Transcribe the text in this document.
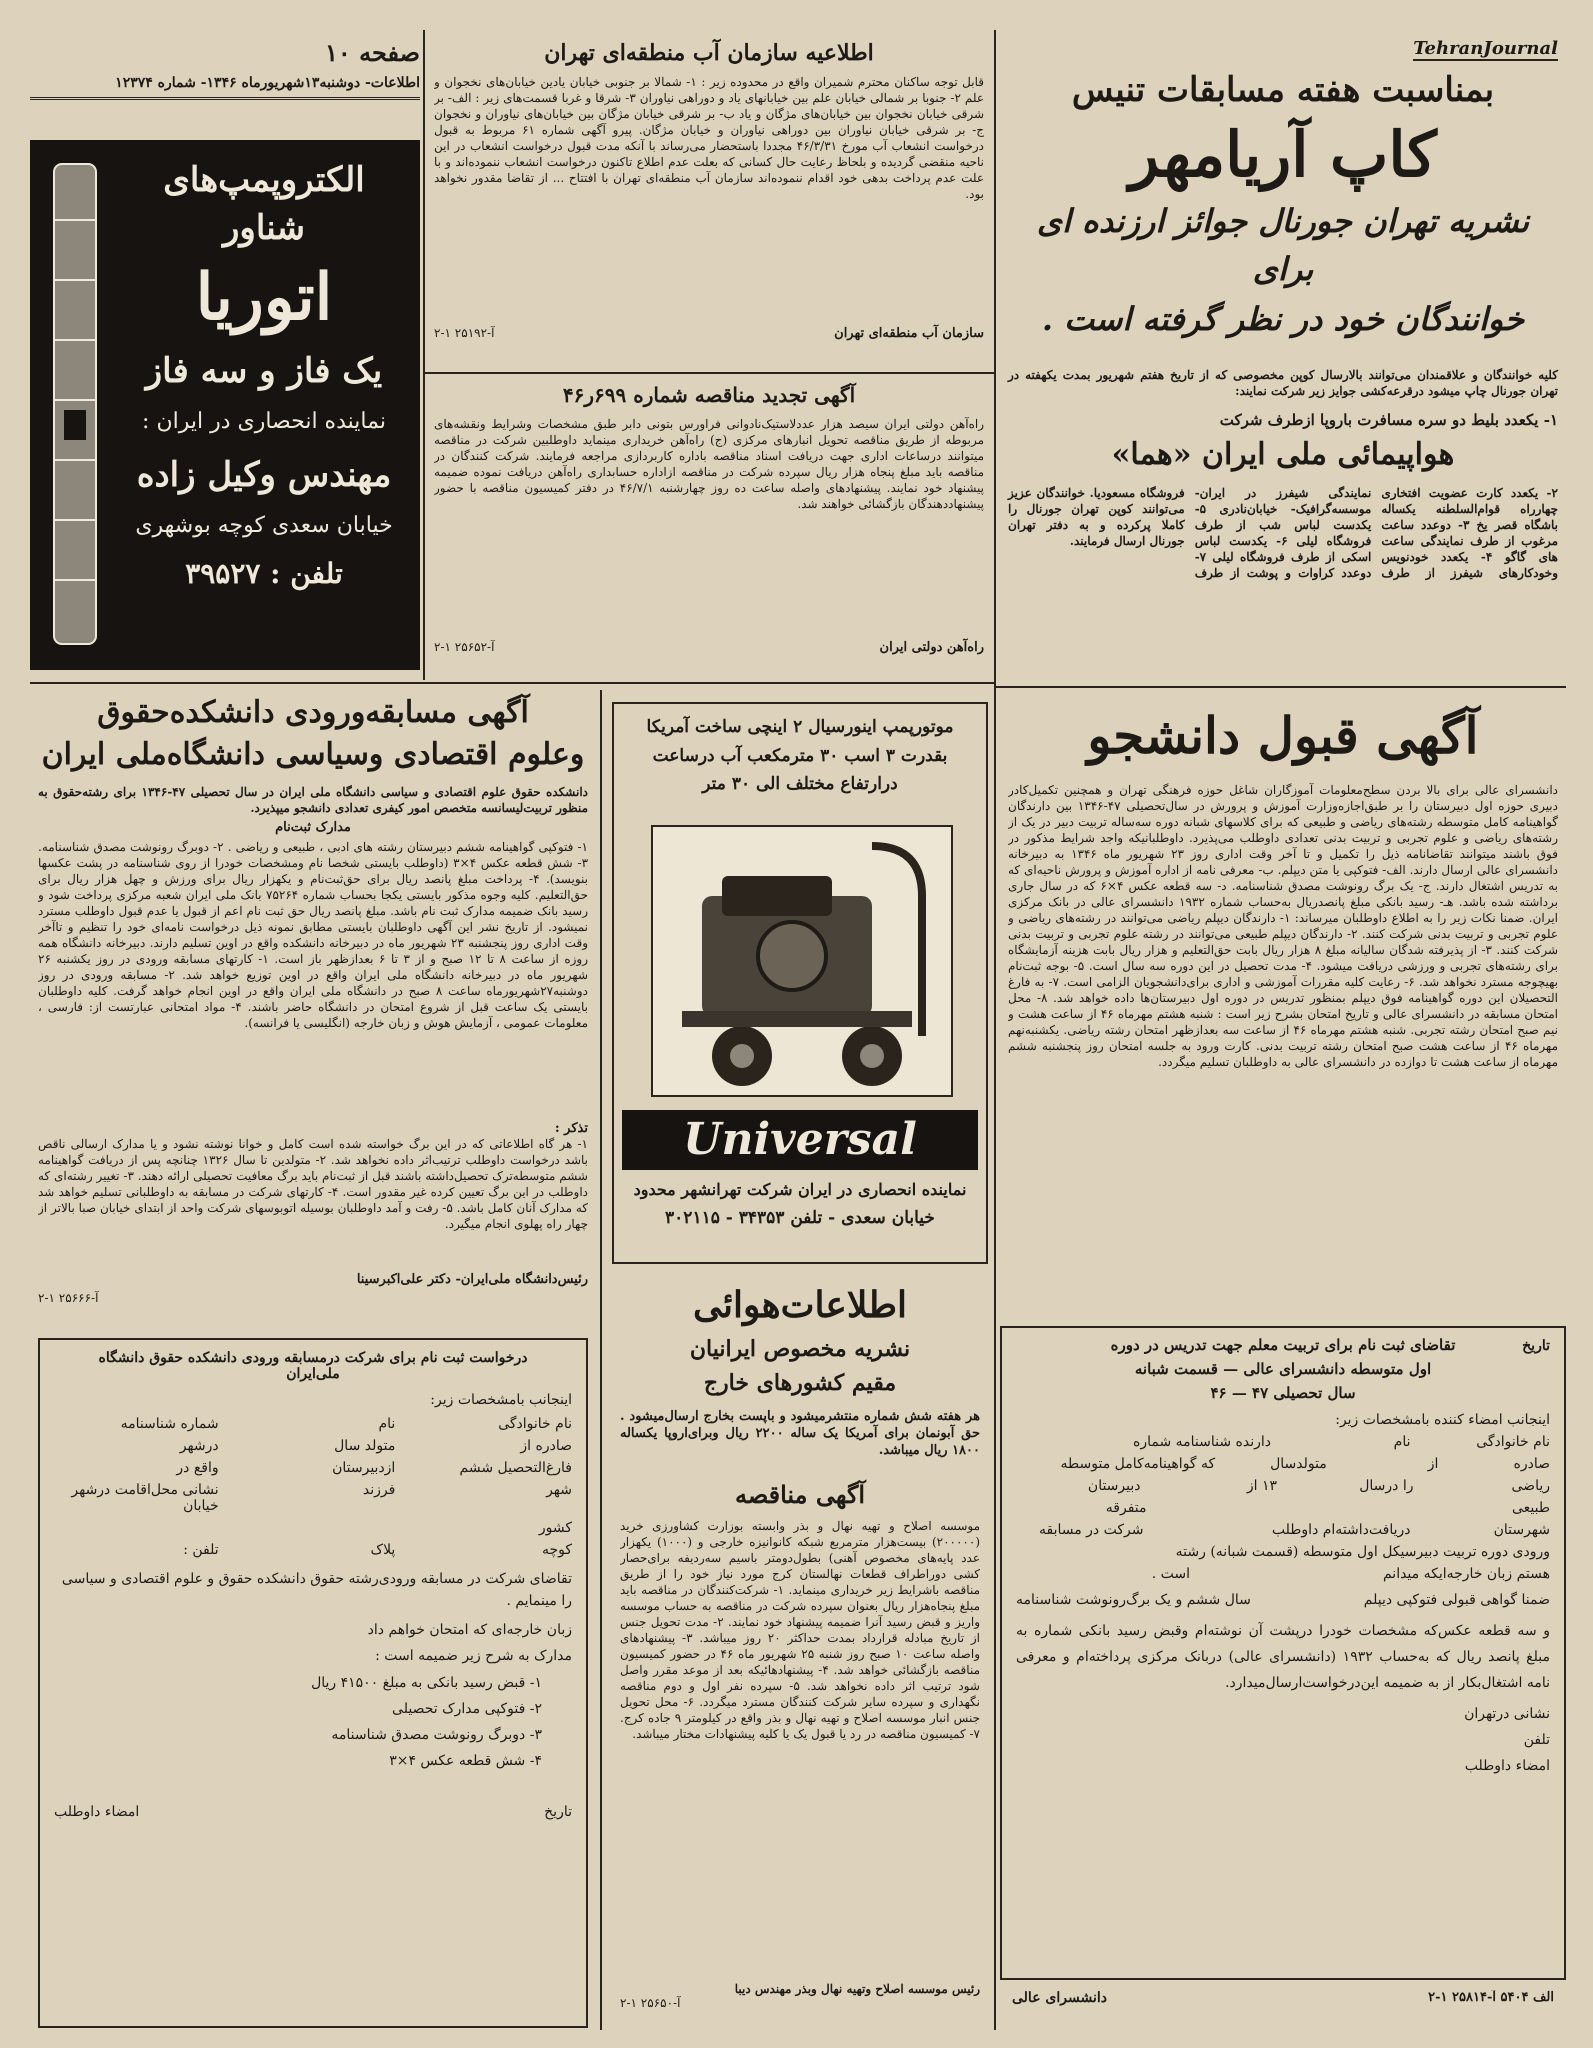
صفحه ۱۰
اطلاعات- دوشنبه۱۳شهریورماه ۱۳۴۶- شماره ۱۲۳۷۴
الکتروپمپ‌های شناور
اتوریا
یک فاز و سه فاز
نماینده انحصاری در ایران :
مهندس وکیل زاده
خیابان سعدی کوچه بوشهری
تلفن : ۳۹۵۲۷
اطلاعیه سازمان آب منطقه‌ای تهران
قابل توجه ساکنان محترم شمیران واقع در محدوده زیر : ۱- شمالا بر جنوبی خیابان یادین خیابان‌های نخجوان و علم ۲- جنوبا بر شمالی خیابان علم بین خیابانهای یاد و دوراهی نیاوران ۳- شرقا و غربا قسمت‌های زیر : الف- بر شرقی خیابان نخجوان بین خیابان‌های مژگان و یاد ب- بر شرقی خیابان مژگان بین خیابان‌های نیاوران و نخجوان ج- بر شرقی خیابان نیاوران بین دوراهی نیاوران و خیابان مژگان. پیرو آگهی شماره ۶۱ مربوط به قبول درخواست انشعاب آب مورخ ۴۶/۳/۳۱ مجددا باستحضار می‌رساند با آنکه مدت قبول درخواست انشعاب در این ناحیه منقضی گردیده و بلحاظ رعایت حال کسانی که بعلت عدم اطلاع تاکنون درخواست انشعاب ننموده‌اند و با علت عدم پرداخت بدهی خود اقدام ننموده‌اند سازمان آب منطقه‌ای تهران با افتتاح ... از تقاضا مقدور نخواهد بود.
سازمان آب منطقه‌ای تهران
آ-۲۵۱۹۲ ۱-۲
آگهی تجدید مناقصه شماره ۶۹۹ر۴۶
راه‌آهن دولتی ایران سیصد هزار عدد‌لاستیک‌نادوانی فراورس بتونی دابر طبق مشخصات وشرایط ونقشه‌های مربوطه از طریق مناقصه تحویل انبارهای مرکزی (ج) راه‌آهن خریداری مینماید داوطلبین شرکت در مناقصه میتوانند درساعات اداری جهت دریافت اسناد مناقصه باداره کاربردازی مراجعه فرمایند. شرکت کنندگان در مناقصه باید مبلغ پنجاه هزار ریال سپرده شرکت در مناقصه ازاداره حسابداری راه‌آهن دریافت نموده ضمیمه پیشنهاد خود نمایند. پیشنهادهای واصله ساعت ده روز چهارشنبه ۴۶/۷/۱ در دفتر کمیسیون مناقصه با حضور پیشنهاددهندگان بازگشائی خواهند شد.
راه‌آهن دولتی ایران
آ-۲۵۶۵۲ ۱-۲
TehranJournal
بمناسبت هفته مسابقات تنیس
کاپ آریامهر
نشریه تهران جورنال جوائز ارزنده ای برای
خوانندگان خود در نظر گرفته است .
کلیه خوانندگان و علاقمندان می‌توانند بالارسال کوپن مخصوصی که از تاریخ هفتم شهریور بمدت یکهفته در تهران جورنال چاپ میشود درقرعه‌کشی جوایز زیر شرکت نمایند:
۱- یکعدد بلیط دو سره مسافرت باروپا ازطرف شرکت
هواپیمائی ملی ایران «هما»
۲- یکعدد کارت عضویت افتخاری چهارراه قوام‌السلطنه یکساله باشگاه قصر یخ ۳- دوعدد ساعت مرغوب از طرف نمایندگی ساعت های گاگو ۴- یکعدد خودنویس وخودکارهای شیفرز از طرف نمایندگی شیفرز در ایران- موسسه‌گرافیک- خیابان‌نادری ۵- یکدست لباس شب از طرف فروشگاه لیلی ۶- یکدست لباس اسکی از طرف فروشگاه لیلی ۷- دوعدد کراوات و پوشت از طرف فروشگاه مسعودیا. خوانندگان عزیز می‌توانند کوپن تهران جورنال را کاملا پرکرده و به دفتر تهران جورنال ارسال فرمایند.
آگهی مسابقه‌ورودی دانشکده‌حقوق
وعلوم اقتصادی وسیاسی دانشگاه‌ملی ایران
دانشکده حقوق علوم اقتصادی و سیاسی دانشگاه ملی ایران در سال تحصیلی ۴۷-۱۳۴۶ برای رشته‌حقوق به منظور تربیت‌لیسانسه متخصص امور کیفری تعدادی دانشجو میپذیرد.
مدارک ثبت‌نام
۱- فتوکپی گواهینامه ششم دبیرستان رشته های ادبی ، طبیعی و ریاضی . ۲- دوبرگ رونوشت مصدق شناسنامه. ۳- شش قطعه عکس ۴×۳ (داوطلب بایستی شخصا نام ومشخصات خودرا از روی شناسنامه در پشت عکسها بنویسد). ۴- پرداخت مبلغ پانصد ریال برای حق‌ثبت‌نام و یکهزار ریال برای ورزش و چهل هزار ریال برای حق‌التعلیم. کلیه وجوه مذکور بایستی یکجا بحساب شماره ۷۵۲۶۴ بانک ملی ایران شعبه مرکزی پرداخت شود و رسید بانک ضمیمه مدارک ثبت نام باشد. مبلغ پانصد ریال حق ثبت نام اعم از قبول یا عدم قبول داوطلب مسترد نمیشود. از تاریخ نشر این آگهی داوطلبان بایستی مطابق نمونه ذیل درخواست نامه‌ای خود را تنظیم و تاآخر وقت اداری روز پنجشنبه ۲۳ شهریور ماه در دبیرخانه دانشکده واقع در اوین تسلیم دارند. دبیرخانه دانشگاه همه روزه از ساعت ۸ تا ۱۲ صبح و از ۳ تا ۶ بعدازظهر باز است. ۱- کارتهای مسابقه ورودی در روز یکشنبه ۲۶ شهریور ماه در دبیرخانه دانشگاه ملی ایران واقع در اوین توزیع خواهد شد. ۲- مسابقه ورودی در روز دوشنبه۲۷شهریورماه ساعت ۸ صبح در دانشگاه ملی ایران واقع در اوین انجام خواهد گرفت. کلیه داوطلبان بایستی یک ساعت قبل از شروع امتحان در دانشگاه حاضر باشند. ۴- مواد امتحانی عبارتست از: فارسی ، معلومات عمومی ، آزمایش هوش و زبان خارجه (انگلیسی یا فرانسه).
تذکر :
۱- هر گاه اطلاعاتی که در این برگ خواسته شده است کامل و خوانا نوشته نشود و یا مدارک ارسالی ناقص باشد درخواست داوطلب ترتیب‌اثر داده نخواهد شد. ۲- متولدین تا سال ۱۳۲۶ چنانچه پس از دریافت گواهینامه ششم متوسطه‌ترک تحصیل‌داشته باشند قبل از ثبت‌نام باید برگ معافیت تحصیلی ارائه دهند. ۳- تغییر رشته‌ای که داوطلب در این برگ تعیین کرده غیر مقدور است. ۴- کارتهای شرکت در مسابقه به داوطلبانی تسلیم خواهد شد که مدارک آنان کامل باشد. ۵- رفت و آمد داوطلبان بوسیله اتوبوسهای شرکت واحد از ابتدای خیابان صبا بالاتر از چهار راه پهلوی انجام میگیرد.
رئیس‌دانشگاه ملی‌ایران- دکتر علی‌اکبرسینا
آ-۲۵۶۶۶ ۱-۲
درخواست ثبت نام برای شرکت درمسابقه ورودی دانشکده حقوق دانشگاه
ملی‌ایران
اینجانب بامشخصات زیر:
نام خانوادگی
نام
شماره شناسنامه
صادره از
متولد سال
درشهر
فارغ‌التحصیل ششم
ازدبیرستان
واقع در
شهر
فرزند
نشانی محل‌اقامت درشهر خیابان
کشور
کوچه
پلاک
تلفن :
تقاضای شرکت در مسابقه ورودی‌رشته حقوق دانشکده حقوق و علوم اقتصادی و سیاسی را مینمایم .
زبان خارجه‌ای که امتحان خواهم داد
مدارک به شرح زیر ضمیمه است :
۱- قبض رسید بانکی به مبلغ ۴۱۵۰۰ ریال
۲- فتوکپی مدارک تحصیلی
۳- دوبرگ رونوشت مصدق شناسنامه
۴- شش قطعه عکس ۴×۳
تاریخ
امضاء داوطلب
موتورپمپ اینورسیال ۲ اینچی ساخت آمریکا
بقدرت ۳ اسب ۳۰ مترمکعب آب درساعت
درارتفاع مختلف الی ۳۰ متر
Universal
نماینده انحصاری در ایران شرکت تهرانشهر محدود
خیابان سعدی - تلفن ۳۴۳۵۳ - ۳۰۲۱۱۵
اطلاعات‌هوائی
نشریه مخصوص ایرانیان
مقیم کشورهای خارج
هر هفته شش شماره منتشرمیشود و باپست بخارج ارسال‌میشود . حق آبونمان برای آمریکا یک ساله ۲۲۰۰ ریال وبرای‌اروپا یکساله ۱۸۰۰ ریال میباشد.
آگهی مناقصه
موسسه اصلاح و تهیه نهال و بذر وابسته بوزارت کشاورزی خرید (۲۰۰۰۰۰) بیست‌هزار مترمربع شبکه کانوانیزه خارجی و (۱۰۰۰) یکهزار عدد پایه‌های مخصوص آهنی) بطول‌دومتر باسیم سه‌ردیفه برای‌حصار کشی دوراطراف قطعات نهالستان کرج مورد نیاز خود را از طریق مناقصه باشرایط زیر خریداری مینماید. ۱- شرکت‌کنندگان در مناقصه باید مبلغ پنجاه‌هزار ریال بعنوان سپرده شرکت در مناقصه به حساب موسسه واریز و قبض رسید آنرا ضمیمه پیشنهاد خود نمایند. ۲- مدت تحویل جنس از تاریخ مبادله قرارداد بمدت حداکثر ۲۰ روز میباشد. ۳- پیشنهادهای واصله ساعت ۱۰ صبح روز شنبه ۲۵ شهریور ماه ۴۶ در حضور کمیسیون مناقصه بازگشائی خواهد شد. ۴- پیشنهادهائیکه بعد از موعد مقرر واصل شود ترتیب اثر داده نخواهد شد. ۵- سپرده نفر اول و دوم مناقصه نگهداری و سپرده سایر شرکت کنندگان مسترد میگردد. ۶- محل تحویل جنس انبار موسسه اصلاح و تهیه نهال و بذر واقع در کیلومتر ۹ جاده کرج. ۷- کمیسیون مناقصه در رد یا قبول یک یا کلیه پیشنهادات مختار میباشد.
رئیس موسسه اصلاح وتهیه نهال وبذر مهندس دیبا
آ-۲۵۶۵۰ ۱-۲
آگهی قبول دانشجو
دانشسرای عالی برای بالا بردن سطح‌معلومات آموزگاران شاغل حوزه فرهنگی تهران و همچنین تکمیل‌کادر دبیری حوزه اول دبیرستان را بر طبق‌اجازه‌وزارت آموزش و پرورش در سال‌تحصیلی ۴۷-۱۳۴۶ بین دارندگان گواهینامه کامل متوسطه رشته‌های ریاضی و طبیعی که برای کلاسهای شبانه دوره سه‌ساله تربیت دبیر در یک از رشته‌های ریاضی و علوم تجربی و تربیت بدنی تعدادی داوطلب می‌پذیرد. داوطلبانیکه واجد شرایط مذکور در فوق باشند میتوانند تقاضانامه ذیل را تکمیل و تا آخر وقت اداری روز ۲۳ شهریور ماه ۱۳۴۶ به دبیرخانه دانشسرای عالی ارسال دارند. الف- فتوکپی یا متن دیپلم. ب- معرفی نامه از اداره آموزش و پرورش ناحیه‌ای که به تدریس اشتغال دارند. ج- یک برگ رونوشت مصدق شناسنامه. د- سه قطعه عکس ۴×۶ که در سال جاری برداشته شده باشد. هـ- رسید بانکی مبلغ پانصد‌ریال به‌حساب شماره ۱۹۳۲ دانشسرای عالی در بانک مرکزی ایران. ضمنا نکات زیر را به اطلاع داوطلبان میرساند: ۱- دارندگان دیپلم ریاضی می‌توانند در رشته‌های ریاضی و علوم تجربی و تربیت بدنی شرکت کنند. ۲- دارندگان دیپلم طبیعی می‌توانند در رشته علوم تجربی و تربیت بدنی شرکت کنند. ۳- از پذیرفته شدگان سالیانه مبلغ ۸ هزار ریال بابت حق‌التعلیم و هزار ریال بابت هزینه آزمایشگاه برای رشته‌های تجربی و ورزشی دریافت میشود. ۴- مدت تحصیل در این دوره سه سال است. ۵- بوجه ثبت‌نام بهیچوجه مسترد نخواهد شد. ۶- رعایت کلیه مقررات آموزشی و اداری برای‌دانشجویان الزامی است. ۷- به فارغ التحصیلان این دوره گواهینامه فوق دیپلم بمنظور تدریس در دوره اول دبیرستان‌ها داده خواهد شد. ۸- محل امتحان مسابقه در دانشسرای عالی و تاریخ امتحان بشرح زیر است : شنبه هشتم مهرماه ۴۶ از ساعت هشت و نیم صبح امتحان رشته تجربی. شنبه هشتم مهرماه ۴۶ از ساعت سه بعدازظهر امتحان رشته ریاضی. یکشنبه‌نهم مهرماه ۴۶ از ساعت هشت صبح امتحان رشته تربیت بدنی. کارت ورود به جلسه امتحان روز پنجشنبه ششم مهرماه از ساعت هشت تا دوازده در دانشسرای عالی به داوطلبان تسلیم میگردد.
تاریخ
تقاضای ثبت نام برای تربیت معلم جهت تدریس در دوره
اول متوسطه دانشسرای عالی — قسمت شبانه
سال تحصیلی ۴۷ — ۴۶
اینجانب امضاء کننده بامشخصات زیر:
نام خانوادگی
نام
دارنده شناسنامه شماره
صادره
از
متولدسال
که گواهینامه‌کامل متوسطه
ریاضی
را درسال
۱۳ از
دبیرستان
طبیعی
متفرقه
شهرستان
دریافت‌داشته‌ام داوطلب
شرکت در مسابقه
ورودی دوره تربیت دبیرسیکل اول متوسطه (قسمت شبانه) رشته
هستم زبان خارجه‌ایکه میدانم
است .
ضمنا گواهی قبولی فتوکپی دیپلم
سال ششم و یک برگ‌رونوشت شناسنامه
و سه قطعه عکس‌که مشخصات خودرا درپشت آن نوشته‌ام وقبض رسید بانکی شماره به مبلغ پانصد ریال که به‌حساب ۱۹۳۲ (دانشسرای عالی) دربانک مرکزی پرداخته‌ام و معرفی نامه اشتغال‌بکار از به ضمیمه این‌درخواست‌ارسال‌میدارد.
نشانی درتهران
تلفن
امضاء داوطلب
الف ۵۴۰۴ آ-۲۵۸۱۴ ۱-۲
دانشسرای عالی
